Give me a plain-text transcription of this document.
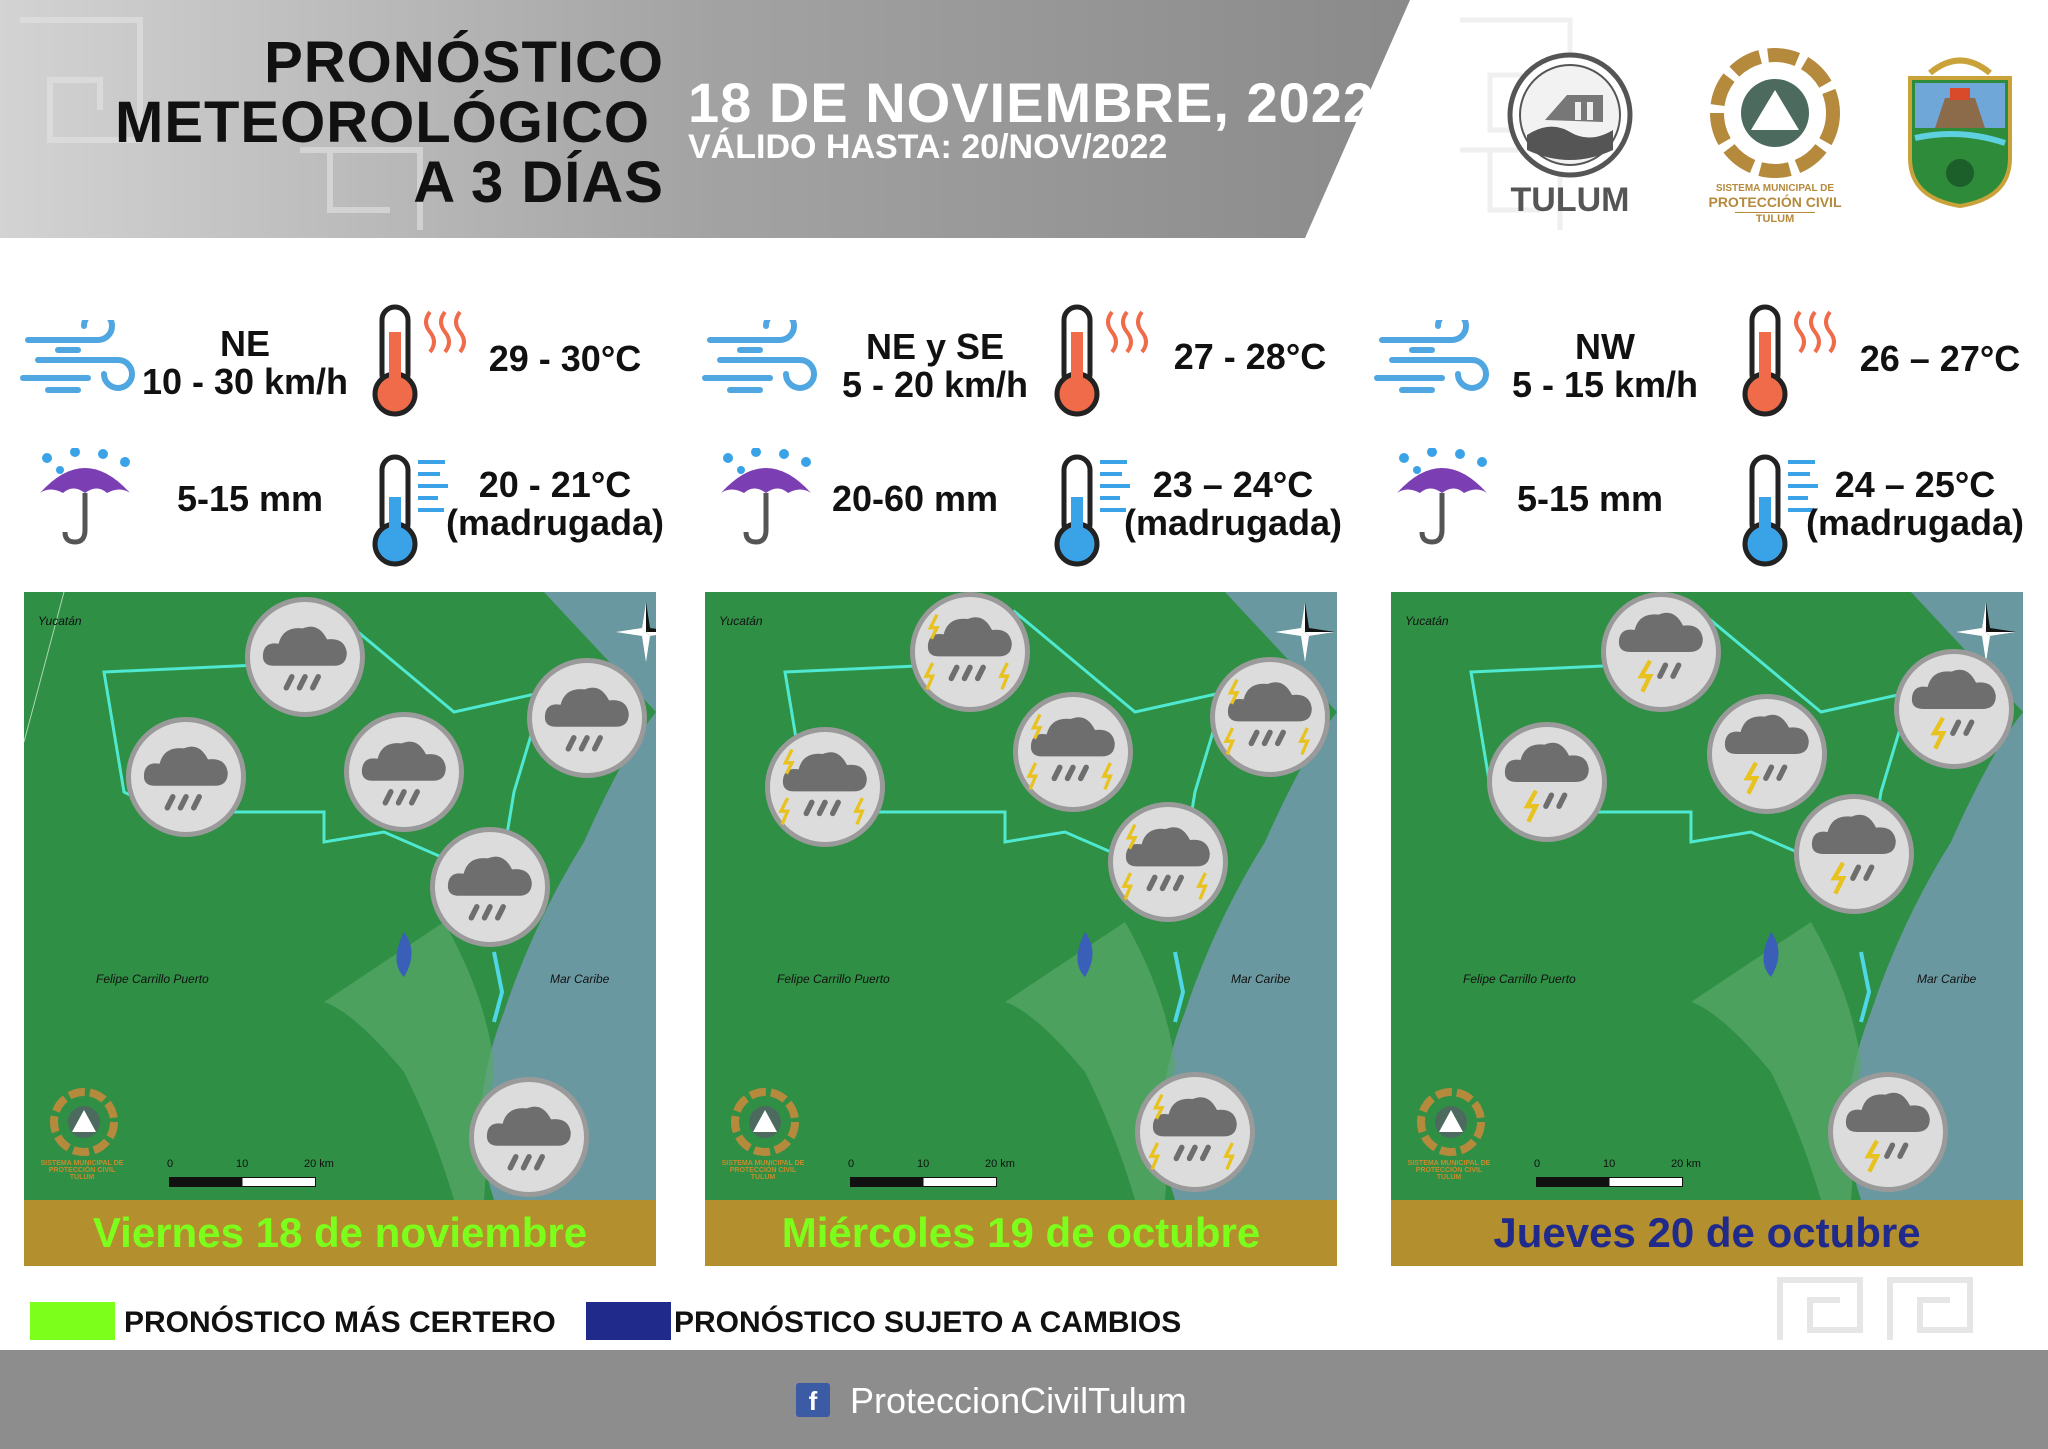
PRONÓSTICO
METEOROLÓGICO
A 3 DÍAS
18 DE NOVIEMBRE, 2022
VÁLIDO HASTA: 20/NOV/2022
TULUM	SISTEMA MUNICIPAL DE
PROTECCIÓN CIVIL
TULUM
NE
10 - 30 km/h
29 - 30°C
5-15 mm	20 - 21°C
(madrugada)
NE y SE
5 - 20 km/h
27 - 28°C
20-60 mm	23 – 24°C
(madrugada)
NW
5 - 15 km/h
26 – 27°C
5-15 mm	24 – 25°C
(madrugada)
Yucatán
Felipe Carrillo Puerto	Mar Caribe
SISTEMA MUNICIPAL DE
PROTECCIÓN CIVIL
TULUM
0	10	20 km
Viernes 18 de noviembre
Yucatán
Felipe Carrillo Puerto	Mar Caribe
SISTEMA MUNICIPAL DE
PROTECCIÓN CIVIL
TULUM
0	10	20 km
Miércoles 19 de octubre
Yucatán
Felipe Carrillo Puerto	Mar Caribe
SISTEMA MUNICIPAL DE
PROTECCIÓN CIVIL
TULUM
0	10	20 km
Jueves 20 de octubre
PRONÓSTICO MÁS CERTERO	PRONÓSTICO SUJETO A CAMBIOS
f ProteccionCivilTulum
